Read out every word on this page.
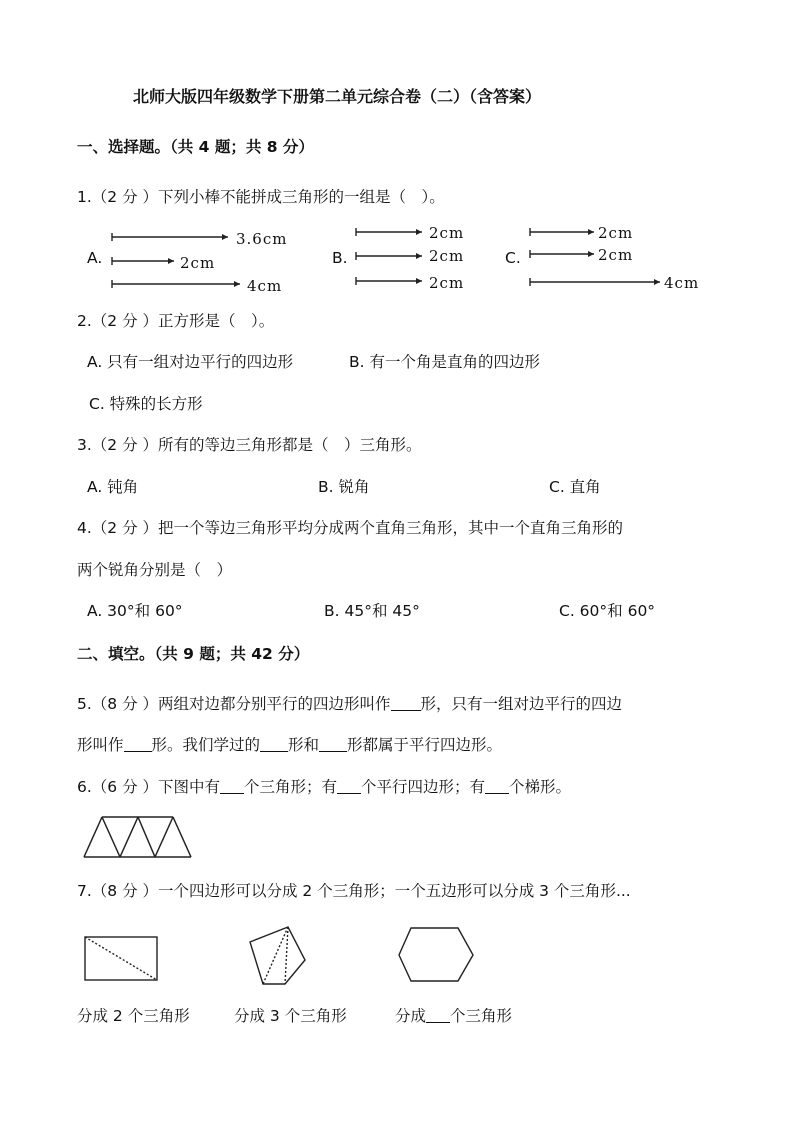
北师大版四年级数学下册第二单元综合卷（二）（含答案）
一、选择题。（共 4 题；共 8 分）
1.（2 分 ）下列小棒不能拼成三角形的一组是（　）。
A.	B.	C.
3.6cm
2cm
4cm
2cm
2cm
2cm
2cm
2cm
4cm
2.（2 分 ）正方形是（　）。
A. 只有一组对边平行的四边形	B. 有一个角是直角的四边形
C. 特殊的长方形
3.（2 分 ）所有的等边三角形都是（　）三角形。
A. 钝角	B. 锐角	C. 直角
4.（2 分 ）把一个等边三角形平均分成两个直角三角形，其中一个直角三角形的
两个锐角分别是（　）
A. 30°和 60°	B. 45°和 45°	C. 60°和 60°
二、填空。（共 9 题；共 42 分）
5.（8 分 ）两组对边都分别平行的四边形叫作 形，只有一组对边平行的四边
形叫作 形。我们学过的 形和 形都属于平行四边形。
6.（6 分 ）下图中有 个三角形；有 个平行四边形；有 个梯形。
7.（8 分 ）一个四边形可以分成 2 个三角形；一个五边形可以分成 3 个三角形...
分成 2 个三角形	分成 3 个三角形	分成 个三角形
